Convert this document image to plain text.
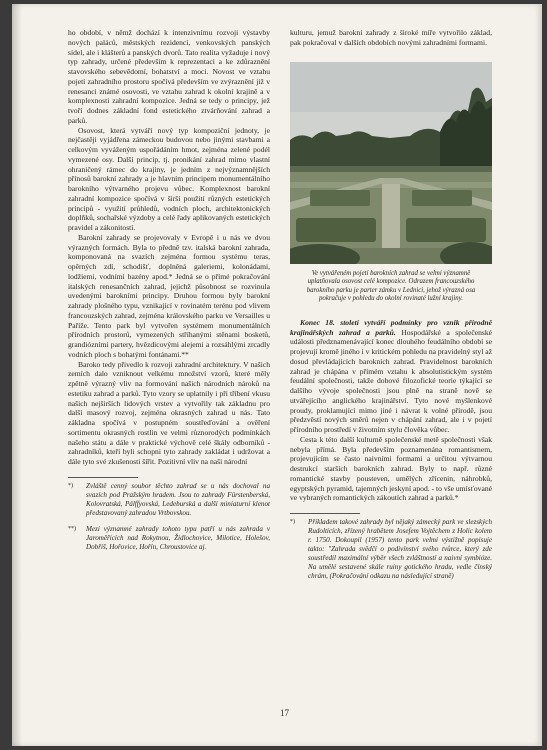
ho období, v němž dochází k intenzivnímu rozvoji výstavby nových paláců, městských rezidencí, venkovských panských sídel, ale i klášterů a panských dvorů. Tato realita vyžaduje i nový typ zahrady, určené především k reprezentaci a ke zdůraznění stavovského sebevědomí, bohatství a moci. Novost ve vztahu pojetí zahradního prostoru spočívá především ve zvýraznění již v renesanci známé osovosti, ve vztahu zahrad k okolní krajině a v komplexnosti zahradní kompozice. Jedná se tedy o principy, jež tvoří dodnes základní fond estetického ztvárňování zahrad a parků.

Osovost, která vytváří nový typ kompoziční jednoty, je nejčastěji vyjádřena zámeckou budovou nebo jinými stavbami a celkovým vyváženým uspořádáním hmot, zejména zelené podél vymezené osy. Další princip, tj. pronikání zahrad mimo vlastní ohraničený rámec do krajiny, je jedním z nejvýznamnějších přínosů barokní zahrady a je hlavním principem monumentálního barokního výtvarného projevu vůbec. Komplexnost barokní zahradní kompozice spočívá v širší použití různých estetických principů - využití průhledů, vodních ploch, architektonických doplňků, sochařské výzdoby a celé řady aplikovaných estetických pravidel a zákonitostí.

Barokní zahrady se projevovaly v Evropě i u nás ve dvou výrazných formách. Byla to předně tzv. italská barokní zahrada, komponovaná na svazích zejména formou systému teras, opěrných zdí, schodišť, doplněná galeriemi, kolonádami, lodžiemi, vodními bazény apod.* Jedná se o přímé pokračování italských renesančních zahrad, jejichž působnost se rozvinula uvedenými barokními principy. Druhou formou byly barokní zahrady plošného typu, vznikající v rovinatém terénu pod vlivem francouzských zahrad, zejména královského parku ve Versailles u Paříže. Tento park byl vytvořen systémem monumentálních přírodních prostorů, vymezených stříhanými stěnami bosketů, grandiózními partery, hvězdicovými alejemi a rozsáhlými zrcadly vodních ploch s bohatými fontánami.**

Baroko tedy přivedlo k rozvoji zahradní architektury. V našich zemích dalo vzniknout velkému množství vzorů, které měly zpětně výrazný vliv na formování našich národních nároků na estetiku zahrad a parků. Tyto vzory se uplatnily i při tříbení vkusu našich nejširších lidových vrstev a vytvořily tak základnu pro další masový rozvoj, zejména okrasných zahrad u nás. Tato základna spočívá v postupném soustřeďování a ověření sortimentu okrasných rostlin ve velmi různorodých podmínkách našeho státu a dále v praktické výchově celé škály odborníků - zahradníků, kteří byli schopni tyto zahrady zakládat i udržovat a dále tyto své zkušenosti šířit. Pozitivní vliv na naši národní

*) Zvláště cenný soubor těchto zahrad se u nás dochoval na svazích pod Pražským hradem. Jsou to zahrady Fürstenberská, Kolovratská, Pálffyovská, Ledeburská a další miniaturní klenot představovaný zahradou Vrtbovskou.
**) Mezi významné zahrady tohoto typu patří u nás zahrada v Jaroměřicích nad Rokytnou, Židlochovice, Milotice, Holešov, Dobříš, Hořovice, Hořín, Chroustovice aj.

kulturu, jemuž barokní zahrady z široké míře vytvořilo základ, pak pokračoval v dalších obdobích novými zahradními formami.

Ve vytvářeném pojetí barokních zahrad se velmi významně uplatňovala osovost celé kompozice. Odrazem francouzského barokního parku je parter zámku v Lednici, jehož výrazná osa pokračuje v pohledu do okolní rovinaté lužní krajiny.

Konec 18. století vytváří podmínky pro vznik přírodně krajinářských zahrad a parků. Hospodářské a společenské události předznamenávající konec dlouhého feudálního období se projevují kromě jiného i v kritickém pohledu na pravidelný styl až dosud převládajících barokních zahrad. Pravidelnost barokních zahrad je chápána v přímém vztahu k absolutistickým systém feudální společnosti, takže dobové filozofické teorie týkající se dalšího vývoje společnosti jsou plně na straně nově se utvářejícího anglického krajinářství. Tyto nové myšlenkové proudy, proklamující mimo jiné i návrat k volné přírodě, jsou předzvěstí nových směrů nejen v chápání zahrad, ale i v pojetí přírodního prostředí v životním stylu člověka vůbec.

Cesta k této další kulturně společenské metě společnosti však nebyla přímá. Byla především poznamenána romantismem, projevujícím se často naivními formami a určitou výtvarnou destrukcí starších barokních zahrad. Byly to např. různé romantické stavby pousteven, umělých zřícenin, náhrobků, egyptských pyramid, tajemných jeskyní apod. - to vše umísťované ve vybraných romantických zákoutích zahrad a parků.*

*) Příkladem takové zahrady byl nějaký zámecký park ve slezských Rudolticích, zřízený hrabětem Josefem Vojtěchem z Holic kolem r. 1750. Dokoupil (1957) tento park velmi výstižně popisuje takto: "Zahrada svědčí o podivínství svého tvůrce, který zde soustředil maximální výběr všech zvláštností a naivní symbióze. Na umělé sestavené skále ruiny gotického hradu, vedle čínský chrám, (Pokračování odkazu na následující straně)
17
